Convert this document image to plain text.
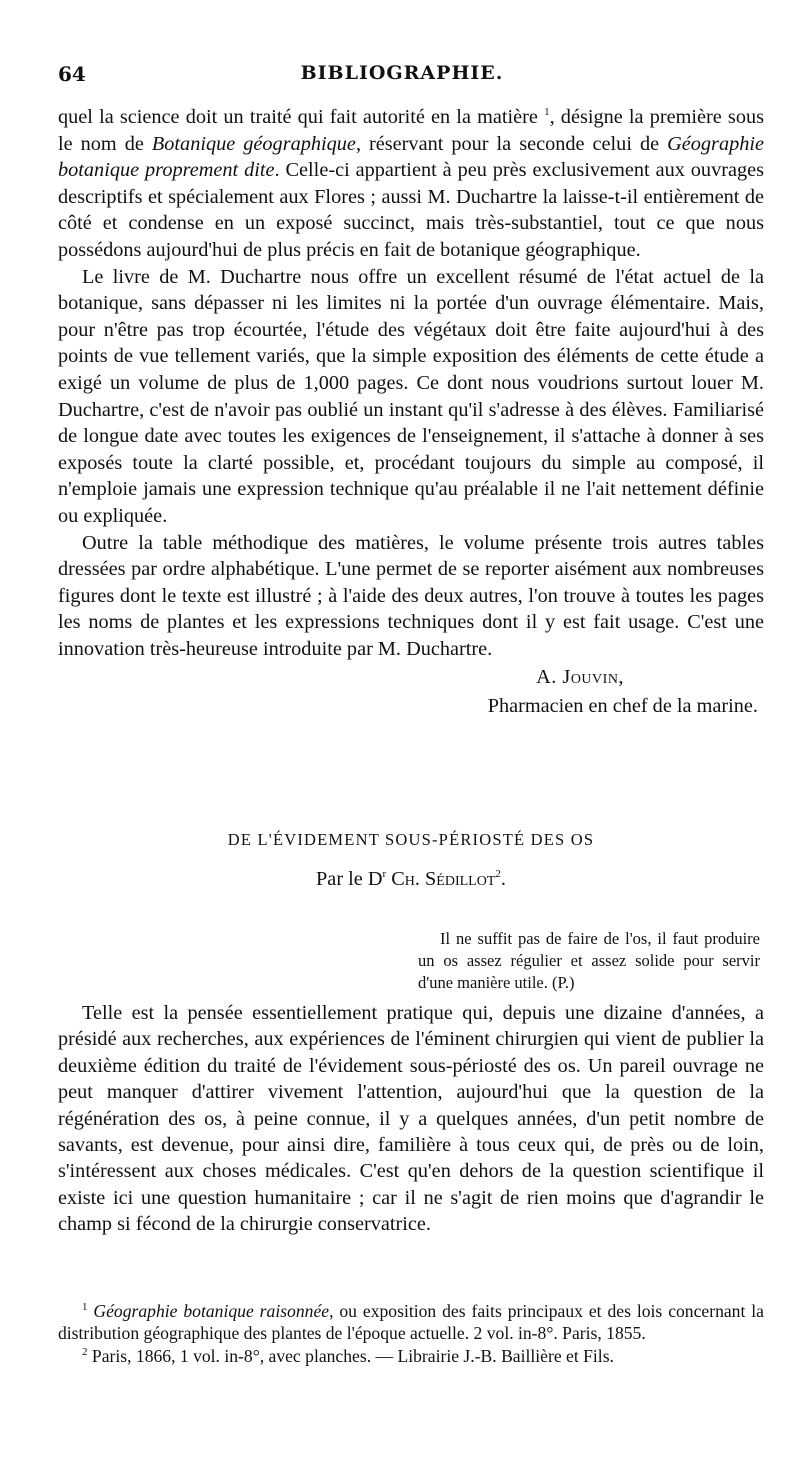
64	BIBLIOGRAPHIE.

quel la science doit un traité qui fait autorité en la matière $^1$, désigne la première sous le nom de Botanique géographique, réservant pour la seconde celui de Géographie botanique proprement dite. Celle-ci appartient à peu près exclusivement aux ouvrages descriptifs et spécialement aux Flores ; aussi M. Duchartre la laisse-t-il entièrement de côté et condense en un exposé succinct, mais très-substantiel, tout ce que nous possédons aujourd'hui de plus précis en fait de botanique géographique.

Le livre de M. Duchartre nous offre un excellent résumé de l'état actuel de la botanique, sans dépasser ni les limites ni la portée d'un ouvrage élémentaire. Mais, pour n'être pas trop écourtée, l'étude des végétaux doit être faite aujourd'hui à des points de vue tellement variés, que la simple exposition des éléments de cette étude a exigé un volume de plus de 1,000 pages. Ce dont nous voudrions surtout louer M. Duchartre, c'est de n'avoir pas oublié un instant qu'il s'adresse à des élèves. Familiarisé de longue date avec toutes les exigences de l'enseignement, il s'attache à donner à ses exposés toute la clarté possible, et, procédant toujours du simple au composé, il n'emploie jamais une expression technique qu'au préalable il ne l'ait nettement définie ou expliquée.

Outre la table méthodique des matières, le volume présente trois autres tables dressées par ordre alphabétique. L'une permet de se reporter aisément aux nombreuses figures dont le texte est illustré ; à l'aide des deux autres, l'on trouve à toutes les pages les noms de plantes et les expressions techniques dont il y est fait usage. C'est une innovation très-heureuse introduite par M. Duchartre.

A. Jouvin,
Pharmacien en chef de la marine.
DE L'ÉVIDEMENT SOUS-PÉRIOSTÉ DES OS
Par le $D^r$ Ch. Sédillot$^2$.
Il ne suffit pas de faire de l'os, il faut produire un os assez régulier et assez solide pour servir d'une manière utile. (P.)

Telle est la pensée essentiellement pratique qui, depuis une dizaine d'années, a présidé aux recherches, aux expériences de l'éminent chirurgien qui vient de publier la deuxième édition du traité de l'évidement sous-périosté des os. Un pareil ouvrage ne peut manquer d'attirer vivement l'attention, aujourd'hui que la question de la régénération des os, à peine connue, il y a quelques années, d'un petit nombre de savants, est devenue, pour ainsi dire, familière à tous ceux qui, de près ou de loin, s'intéressent aux choses médicales. C'est qu'en dehors de la question scientifique il existe ici une question humanitaire ; car il ne s'agit de rien moins que d'agrandir le champ si fécond de la chirurgie conservatrice.

$^1$ Géographie botanique raisonnée, ou exposition des faits principaux et des lois concernant la distribution géographique des plantes de l'époque actuelle. 2 vol. in-8°. Paris, 1855.

$^2$ Paris, 1866, 1 vol. in-8°, avec planches. — Librairie J.-B. Baillière et Fils.
